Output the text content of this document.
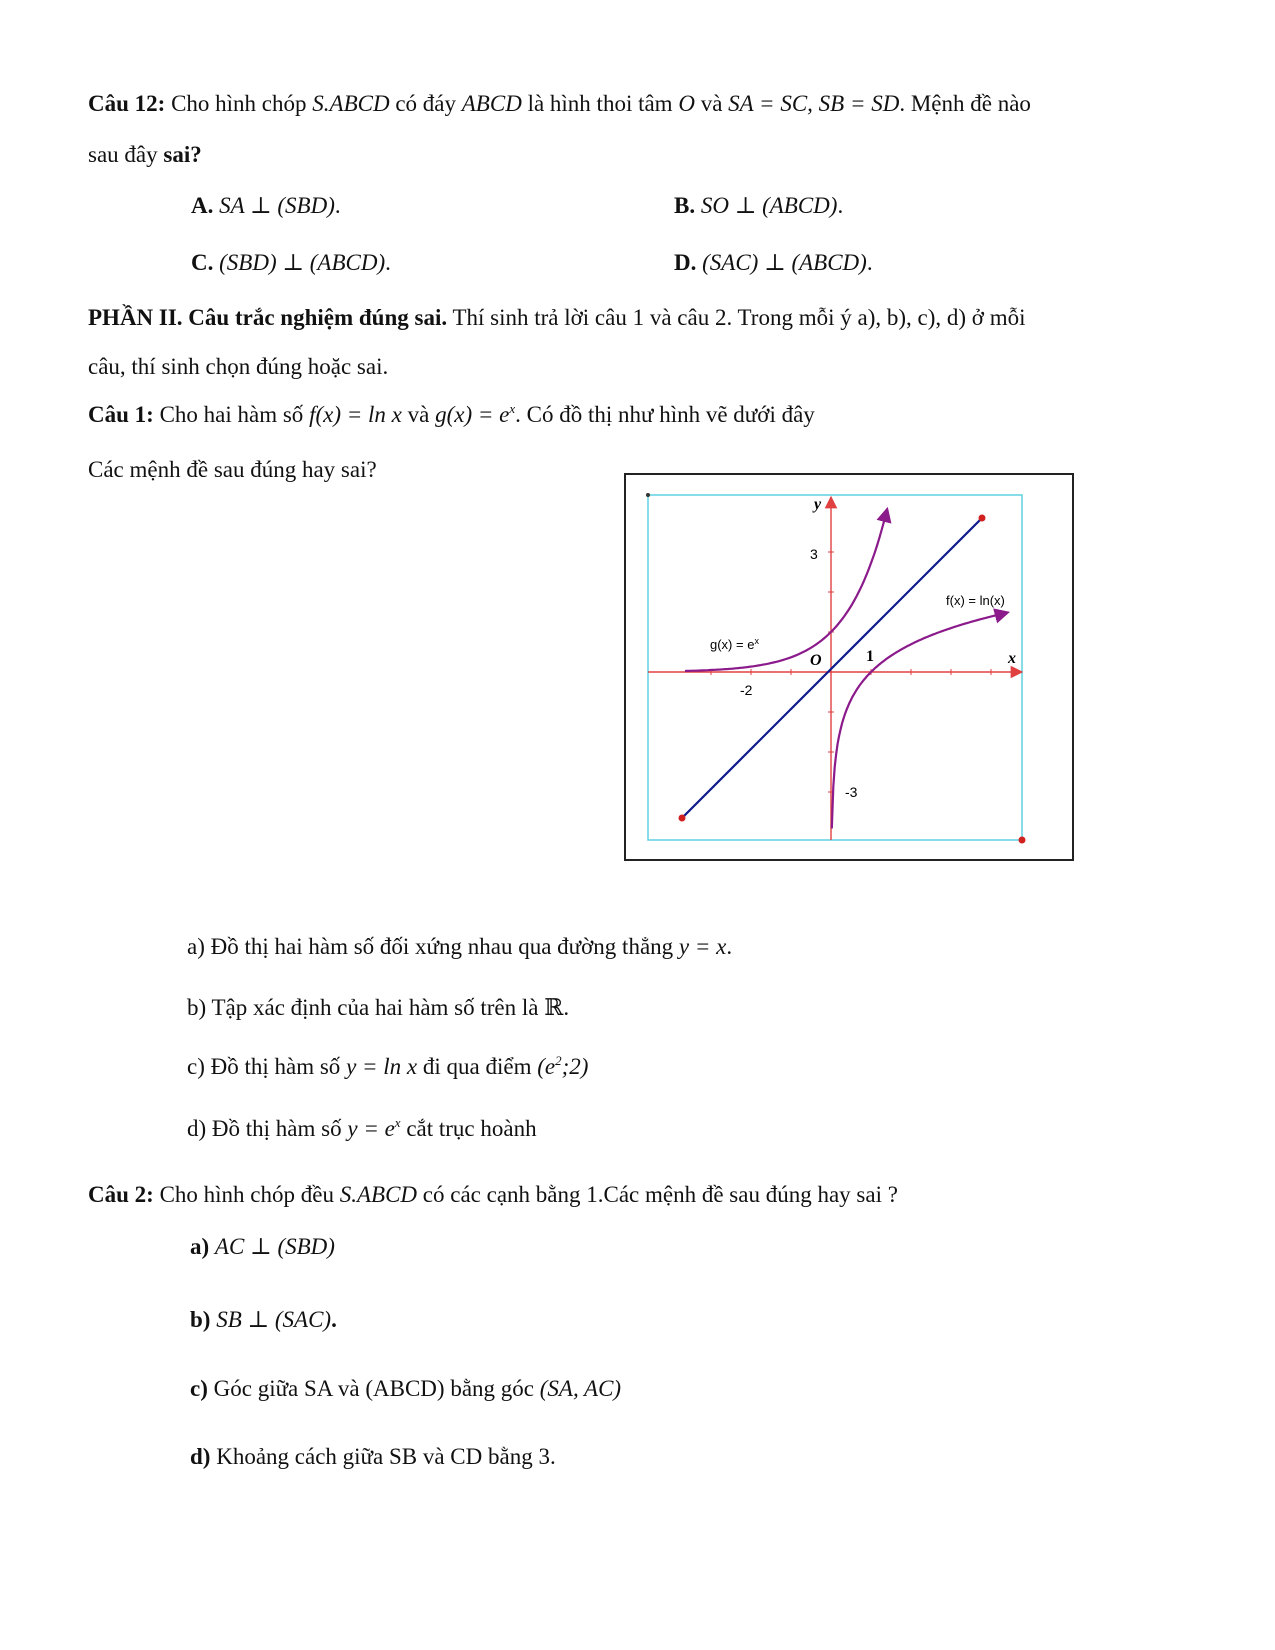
Câu 12: Cho hình chóp S.ABCD có đáy ABCD là hình thoi tâm O và SA = SC, SB = SD. Mệnh đề nào
sau đây sai?
A. SA ⊥ (SBD).	B. SO ⊥ (ABCD).
C. (SBD) ⊥ (ABCD).	D. (SAC) ⊥ (ABCD).
PHẦN II. Câu trắc nghiệm đúng sai. Thí sinh trả lời câu 1 và câu 2. Trong mỗi ý a), b), c), d) ở mỗi
câu, thí sinh chọn đúng hoặc sai.
Câu 1: Cho hai hàm số f(x) = ln x và $g(x) = e^x$. Có đồ thị như hình vẽ dưới đây
Các mệnh đề sau đúng hay sai?
y
x
O
3
-2
1
-3
$g(x) = e^x$
f(x) = ln(x)
a) Đồ thị hai hàm số đối xứng nhau qua đường thẳng y = x.
b) Tập xác định của hai hàm số trên là ℝ.
c) Đồ thị hàm số y = ln x đi qua điểm $(e^2;2)$
d) Đồ thị hàm số $y = e^x$ cắt trục hoành
Câu 2: Cho hình chóp đều S.ABCD có các cạnh bằng 1.Các mệnh đề sau đúng hay sai ?
a) AC ⊥ (SBD)
b) SB ⊥ (SAC).
c) Góc giữa SA và (ABCD) bằng góc (SA, AC)
d) Khoảng cách giữa SB và CD bằng 3.
